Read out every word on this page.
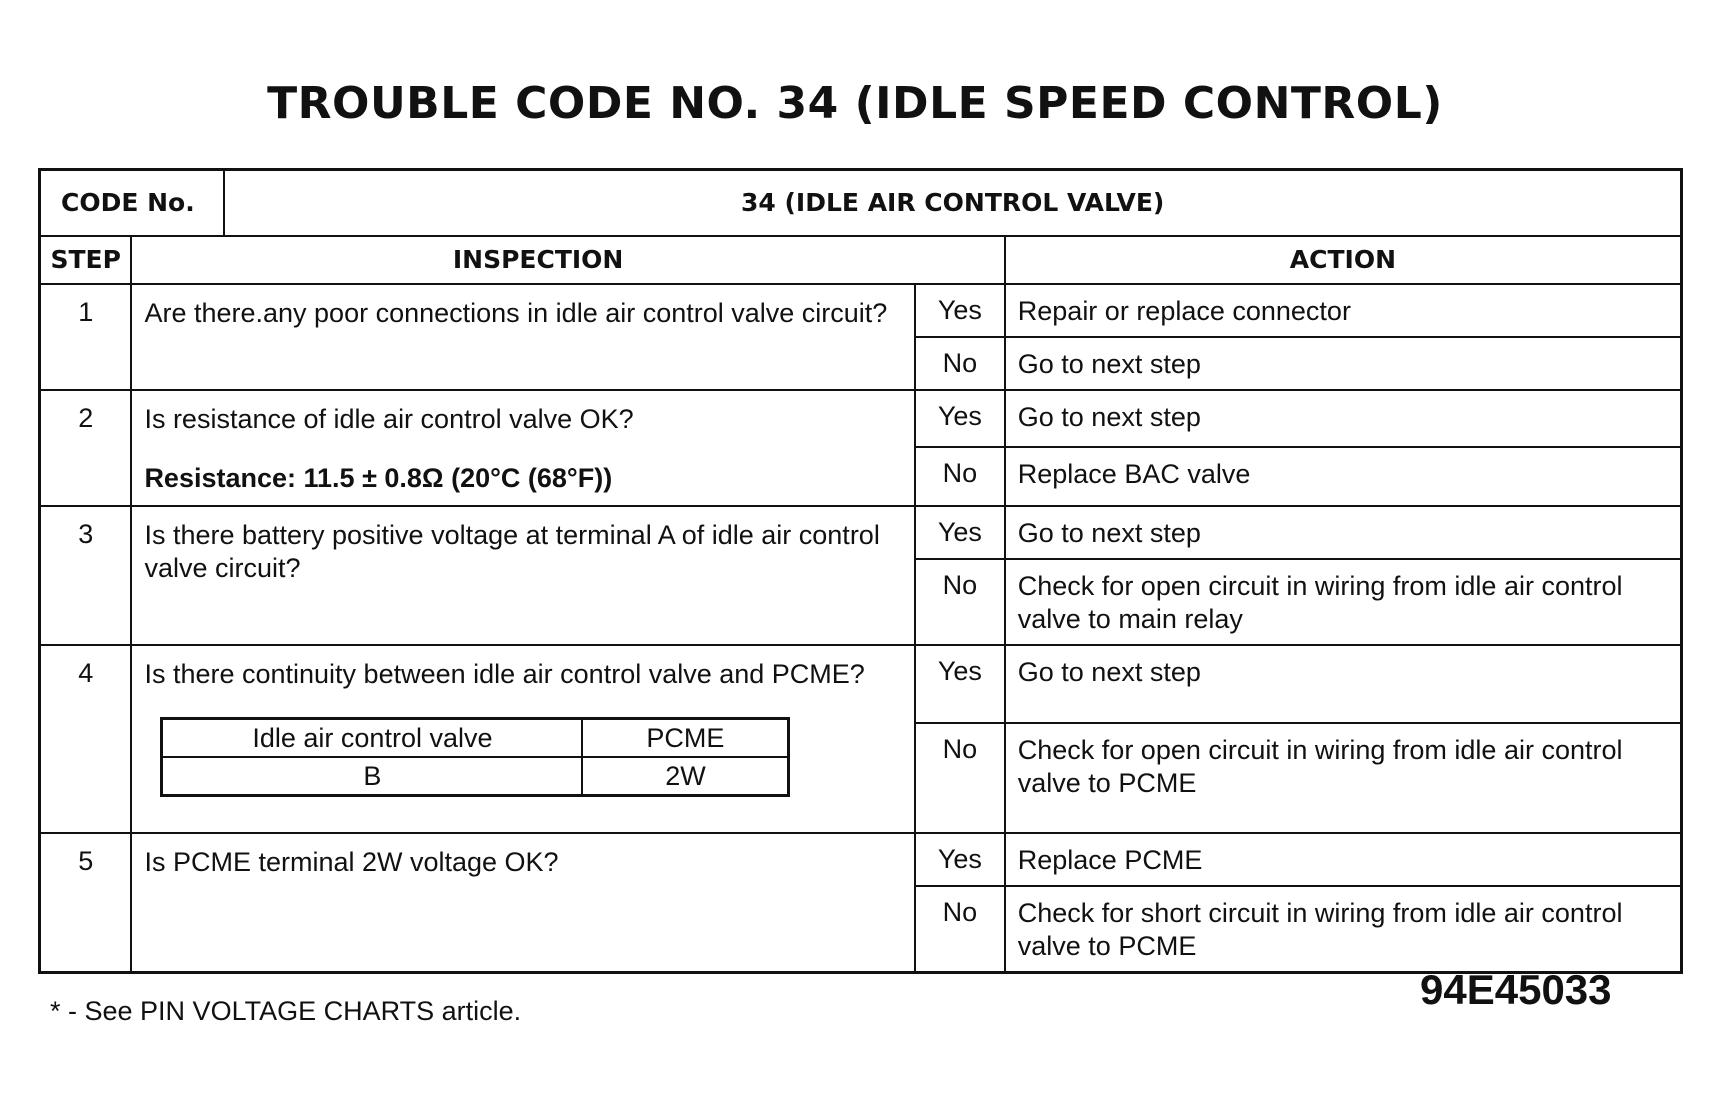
TROUBLE CODE NO. 34 (IDLE SPEED CONTROL)
CODE No.	34 (IDLE AIR CONTROL VALVE)
STEP	INSPECTION	ACTION
1	Are there.any poor connections in idle air control valve circuit?	Yes	Repair or replace connector
No	Go to next step
2	Is resistance of idle air control valve OK?
Resistance: 11.5 ± 0.8Ω (20°C (68°F))
	Yes	Go to next step
No	Replace BAC valve
3	Is there battery positive voltage at terminal A of idle air control valve circuit?	Yes	Go to next step
No	Check for open circuit in wiring from idle air control valve to main relay
4	Is there continuity between idle air control valve and PCME?
Idle air control valve	PCME
B	2W
	Yes	Go to next step
No	Check for open circuit in wiring from idle air control valve to PCME
5	Is PCME terminal 2W voltage OK?	Yes	Replace PCME
No	Check for short circuit in wiring from idle air control valve to PCME
* - See PIN VOLTAGE CHARTS article.	94E45033
